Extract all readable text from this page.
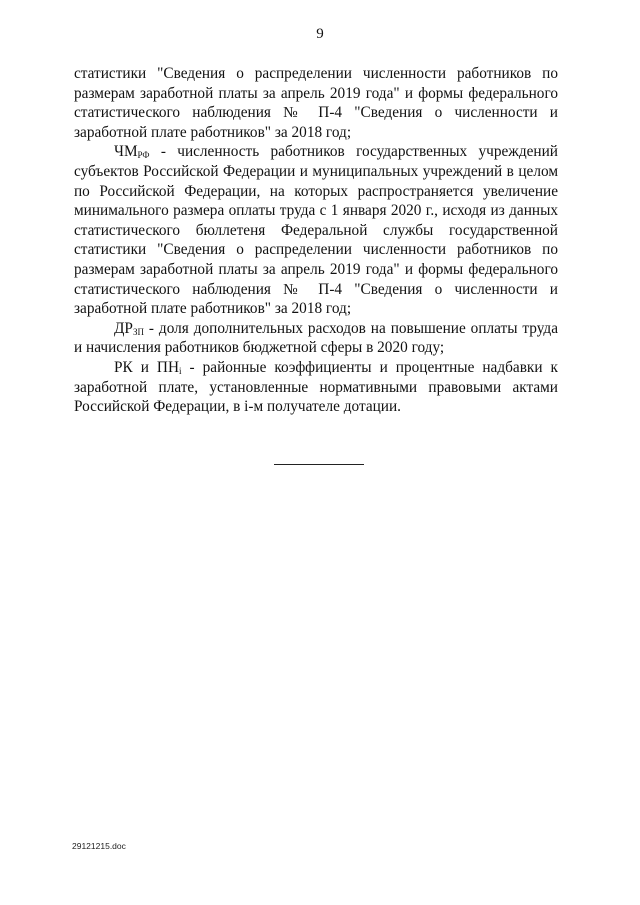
9

статистики "Сведения о распределении численности работников по размерам заработной платы за апрель 2019 года" и формы федерального статистического наблюдения № П-4 "Сведения о численности и заработной плате работников" за 2018 год;

$ЧМ_{РФ}$ - численность работников государственных учреждений субъектов Российской Федерации и муниципальных учреждений в целом по Российской Федерации, на которых распространяется увеличение минимального размера оплаты труда с 1 января 2020 г., исходя из данных статистического бюллетеня Федеральной службы государственной статистики "Сведения о распределении численности работников по размерам заработной платы за апрель 2019 года" и формы федерального статистического наблюдения № П-4 "Сведения о численности и заработной плате работников" за 2018 год;

$ДР_{ЗП}$ - доля дополнительных расходов на повышение оплаты труда и начисления работников бюджетной сферы в 2020 году;

РК и $ПН_i$ - районные коэффициенты и процентные надбавки к заработной плате, установленные нормативными правовыми актами Российской Федерации, в i-м получателе дотации.

29121215.doc
